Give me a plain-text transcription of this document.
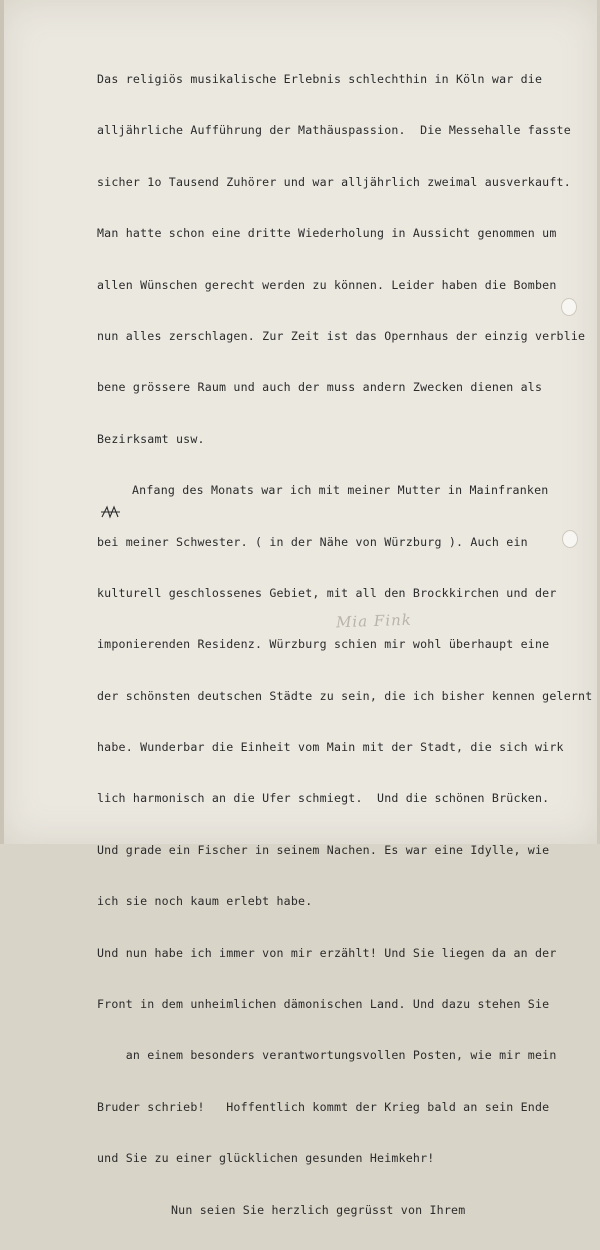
Das religiös musikalische Erlebnis schlechthin in Köln war die

alljährliche Aufführung der Mathäuspassion.  Die Messehalle fasste

sicher 1o Tausend Zuhörer und war alljährlich zweimal ausverkauft.

Man hatte schon eine dritte Wiederholung in Aussicht genommen um

allen Wünschen gerecht werden zu können. Leider haben die Bomben

nun alles zerschlagen. Zur Zeit ist das Opernhaus der einzig verblie

bene grössere Raum und auch der muss andern Zwecken dienen als

Bezirksamt usw.

Anfang des Monats war ich mit meiner Mutter in Mainfranken

bei meiner Schwester. ( in der Nähe von Würzburg ). Auch ein

kulturell geschlossenes Gebiet, mit all den Brockkirchen und der

imponierenden Residenz. Würzburg schien mir wohl überhaupt eine

der schönsten deutschen Städte zu sein, die ich bisher kennen gelernt

habe. Wunderbar die Einheit vom Main mit der Stadt, die sich wirk

lich harmonisch an die Ufer schmiegt.  Und die schönen Brücken.

Und grade ein Fischer in seinem Nachen. Es war eine Idylle, wie

ich sie noch kaum erlebt habe.

Und nun habe ich immer von mir erzählt! Und Sie liegen da an der

Front in dem unheimlichen dämonischen Land. Und dazu stehen Sie

an einem besonders verantwortungsvollen Posten, wie mir mein

Bruder schrieb!   Hoffentlich kommt der Krieg bald an sein Ende

und Sie zu einer glücklichen gesunden Heimkehr!

Nun seien Sie herzlich gegrüsst von Ihrem

Mia Fink
